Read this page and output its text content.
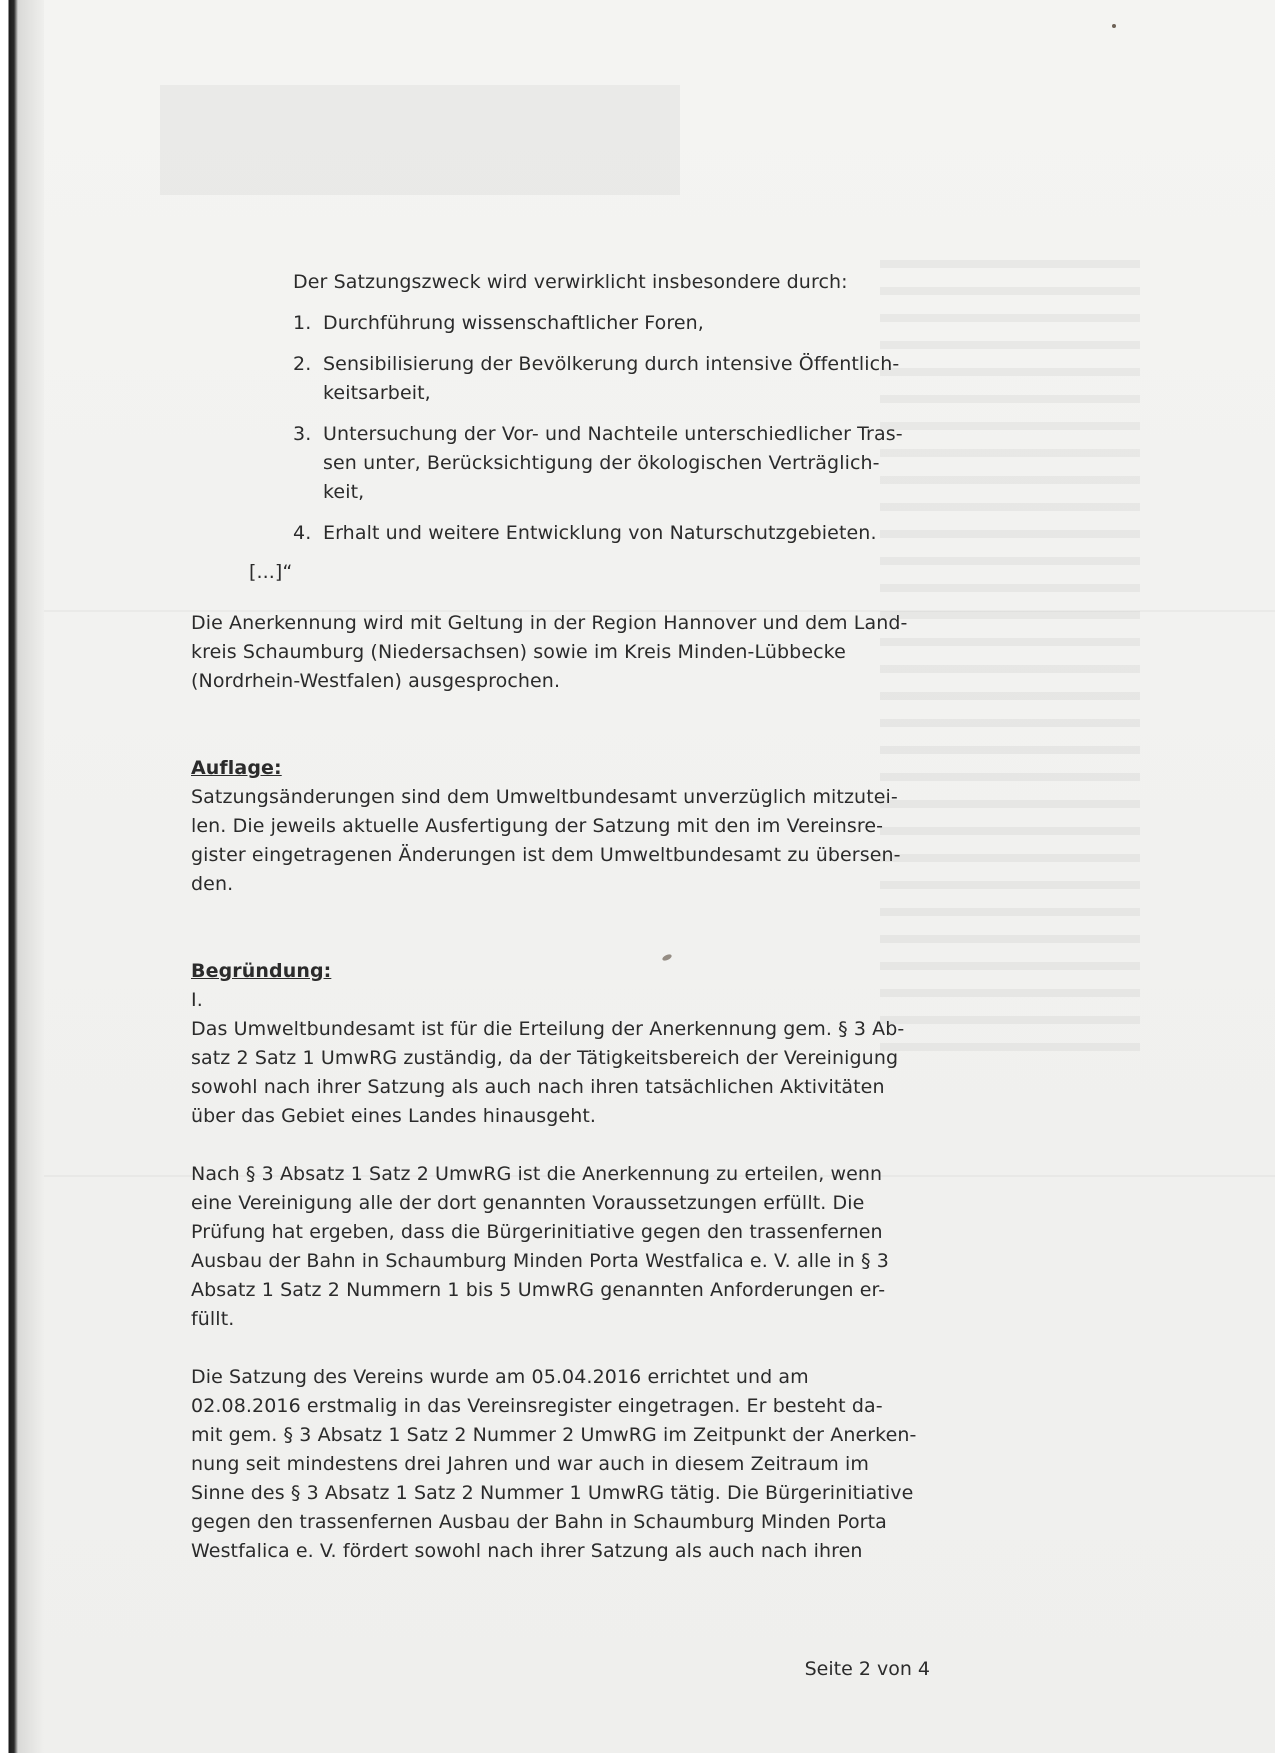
Der Satzungszweck wird verwirklicht insbesondere durch:

1. Durchführung wissenschaftlicher Foren,
2. Sensibilisierung der Bevölkerung durch intensive Öffentlich-
keitsarbeit,
3. Untersuchung der Vor- und Nachteile unterschiedlicher Tras-
sen unter, Berücksichtigung der ökologischen Verträglich-
keit,
4. Erhalt und weitere Entwicklung von Naturschutzgebieten.

[...]“

Die Anerkennung wird mit Geltung in der Region Hannover und dem Land-
kreis Schaumburg (Niedersachsen) sowie im Kreis Minden-Lübbecke
(Nordrhein-Westfalen) ausgesprochen.

Auflage:

Satzungsänderungen sind dem Umweltbundesamt unverzüglich mitzutei-
len. Die jeweils aktuelle Ausfertigung der Satzung mit den im Vereinsre-
gister eingetragenen Änderungen ist dem Umweltbundesamt zu übersen-
den.

Begründung:

I.

Das Umweltbundesamt ist für die Erteilung der Anerkennung gem. § 3 Ab-
satz 2 Satz 1 UmwRG zuständig, da der Tätigkeitsbereich der Vereinigung
sowohl nach ihrer Satzung als auch nach ihren tatsächlichen Aktivitäten
über das Gebiet eines Landes hinausgeht.

Nach § 3 Absatz 1 Satz 2 UmwRG ist die Anerkennung zu erteilen, wenn
eine Vereinigung alle der dort genannten Voraussetzungen erfüllt. Die
Prüfung hat ergeben, dass die Bürgerinitiative gegen den trassenfernen
Ausbau der Bahn in Schaumburg Minden Porta Westfalica e. V. alle in § 3
Absatz 1 Satz 2 Nummern 1 bis 5 UmwRG genannten Anforderungen er-
füllt.

Die Satzung des Vereins wurde am 05.04.2016 errichtet und am
02.08.2016 erstmalig in das Vereinsregister eingetragen. Er besteht da-
mit gem. § 3 Absatz 1 Satz 2 Nummer 2 UmwRG im Zeitpunkt der Anerken-
nung seit mindestens drei Jahren und war auch in diesem Zeitraum im
Sinne des § 3 Absatz 1 Satz 2 Nummer 1 UmwRG tätig. Die Bürgerinitiative
gegen den trassenfernen Ausbau der Bahn in Schaumburg Minden Porta
Westfalica e. V. fördert sowohl nach ihrer Satzung als auch nach ihren

Seite 2 von 4
